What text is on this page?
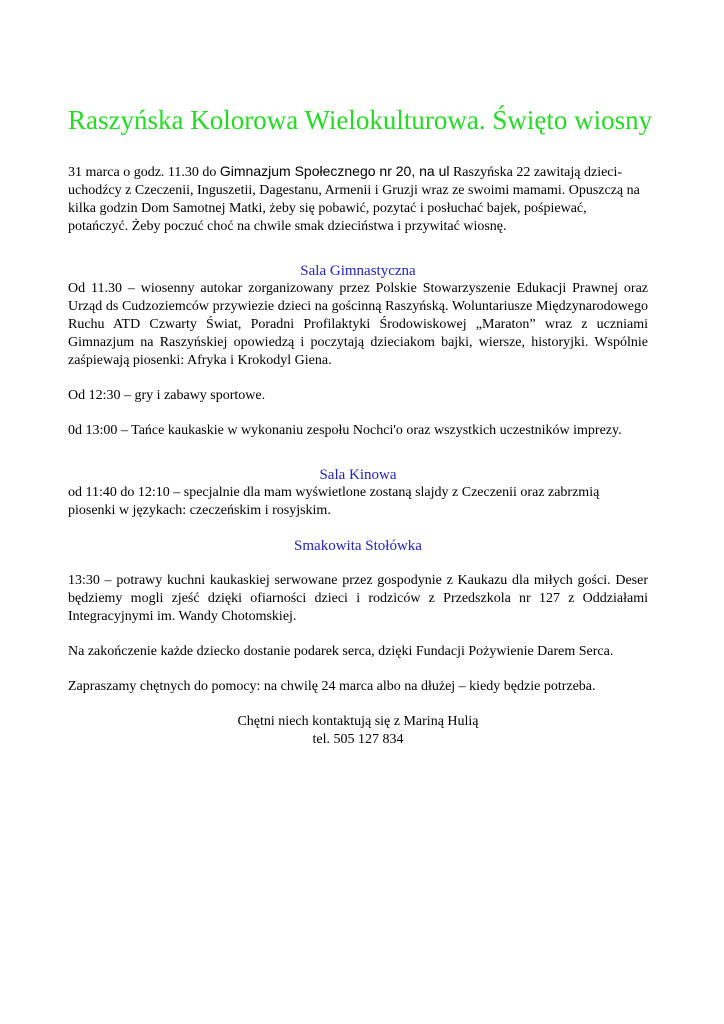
Raszyńska Kolorowa Wielokulturowa. Święto wiosny

31 marca o godz. 11.30 do Gimnazjum Społecznego nr 20, na ul Raszyńska 22 zawitają dzieci-uchodźcy z Czeczenii, Inguszetii, Dagestanu, Armenii i Gruzji wraz ze swoimi mamami. Opuszczą na kilka godzin Dom Samotnej Matki, żeby się pobawić, pozytać i posłuchać bajek, pośpiewać, potańczyć. Żeby poczuć choć na chwile smak dzieciństwa i przywitać wiosnę.

Sala Gimnastyczna

Od 11.30 – wiosenny autokar zorganizowany przez Polskie Stowarzyszenie Edukacji Prawnej oraz Urząd ds Cudzoziemców przywiezie dzieci na gościnną Raszyńską. Woluntariusze Międzynarodowego Ruchu ATD Czwarty Świat, Poradni Profilaktyki Środowiskowej „Maraton” wraz z uczniami Gimnazjum na Raszyńskiej opowiedzą i poczytają dzieciakom bajki, wiersze, historyjki. Wspólnie zaśpiewają piosenki: Afryka i Krokodyl Giena.

Od 12:30 – gry i zabawy sportowe.

0d 13:00 – Tańce kaukaskie w wykonaniu zespołu Nochci'o oraz wszystkich uczestników imprezy.

Sala Kinowa

od 11:40 do 12:10 – specjalnie dla mam wyświetlone zostaną slajdy z Czeczenii oraz zabrzmią piosenki w językach: czeczeńskim i rosyjskim.

Smakowita Stołówka

13:30 – potrawy kuchni kaukaskiej serwowane przez gospodynie z Kaukazu dla miłych gości. Deser będziemy mogli zjeść dzięki ofiarności dzieci i rodziców z Przedszkola nr 127 z Oddziałami Integracyjnymi im. Wandy Chotomskiej.

Na zakończenie każde dziecko dostanie podarek serca, dzięki Fundacji Pożywienie Darem Serca.

Zapraszamy chętnych do pomocy: na chwilę 24 marca albo na dłużej – kiedy będzie potrzeba.

Chętni niech kontaktują się z Mariną Hulią

tel. 505 127 834
